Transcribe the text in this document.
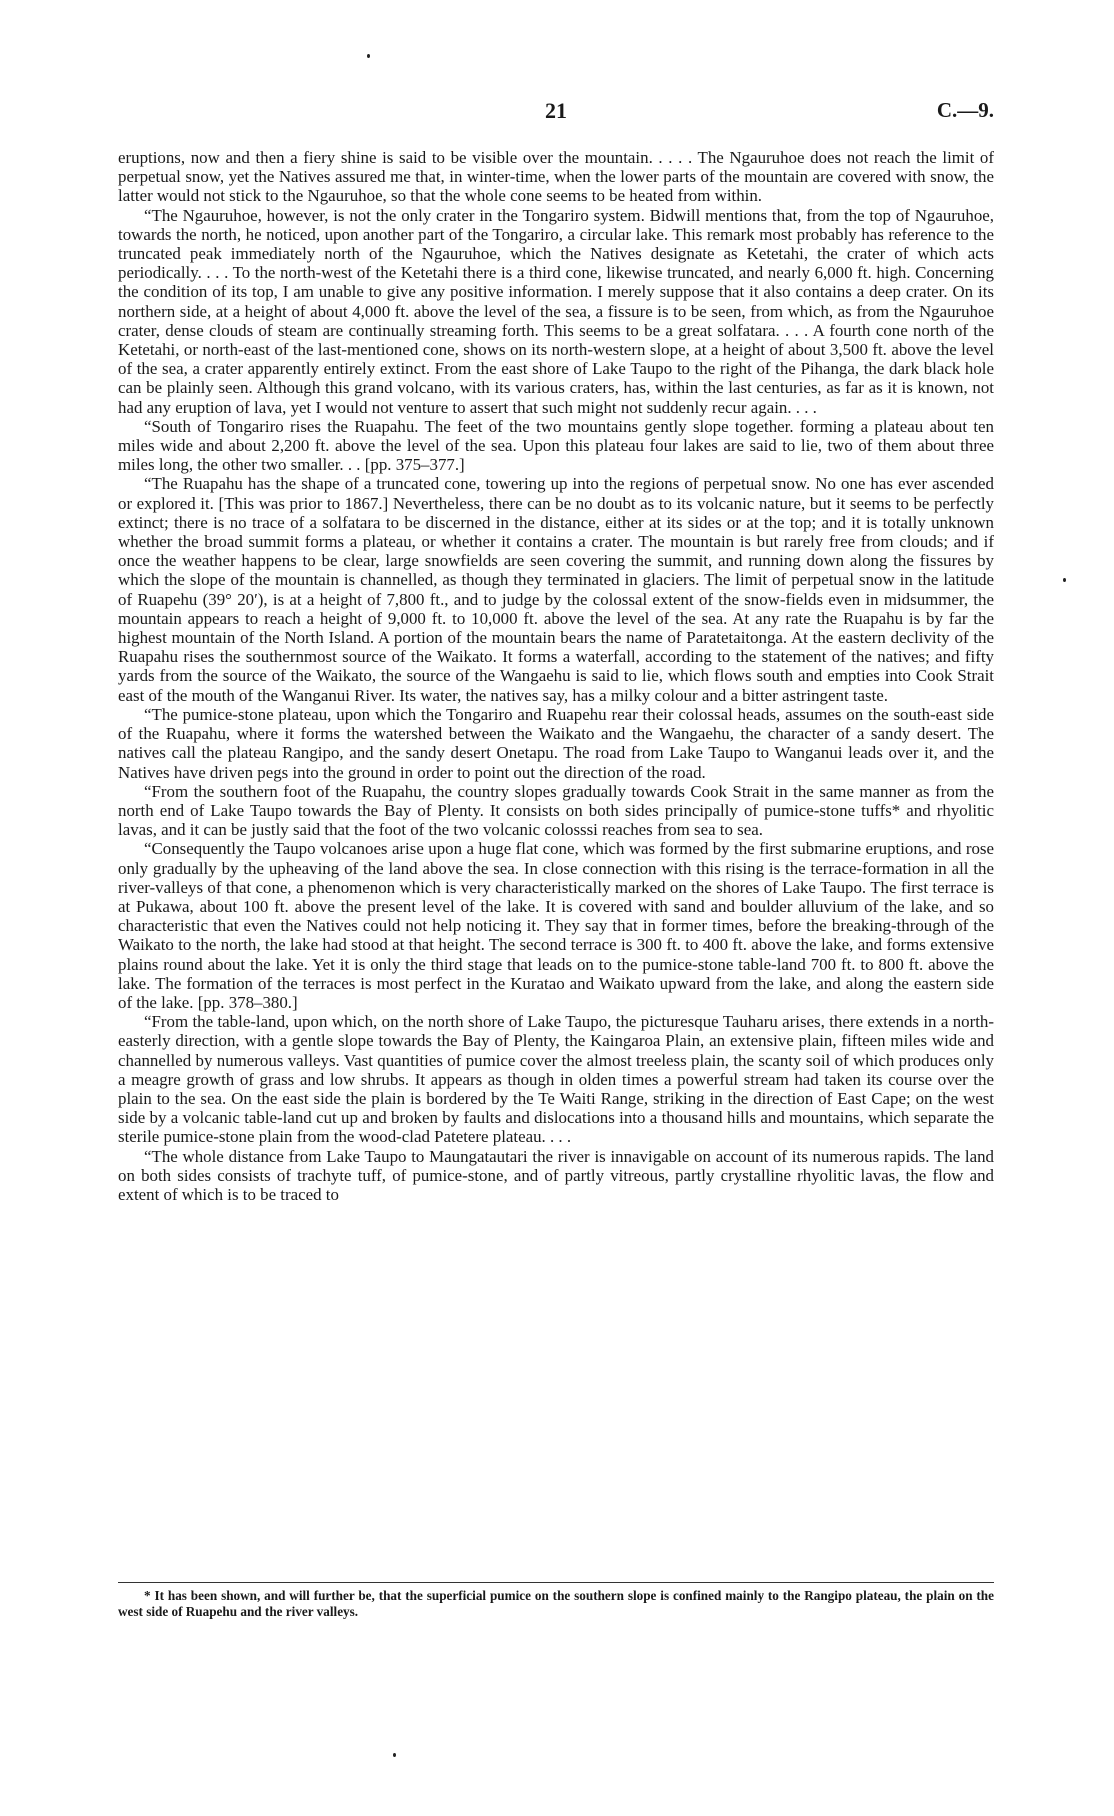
21	C.—9.

eruptions, now and then a fiery shine is said to be visible over the mountain. . . . . The Ngauruhoe does not reach the limit of perpetual snow, yet the Natives assured me that, in winter-time, when the lower parts of the mountain are covered with snow, the latter would not stick to the Ngauruhoe, so that the whole cone seems to be heated from within.

“The Ngauruhoe, however, is not the only crater in the Tongariro system. Bidwill mentions that, from the top of Ngauruhoe, towards the north, he noticed, upon another part of the Tongariro, a circular lake. This remark most probably has reference to the truncated peak immediately north of the Ngauruhoe, which the Natives designate as Ketetahi, the crater of which acts periodically. . . . To the north-west of the Ketetahi there is a third cone, likewise truncated, and nearly 6,000 ft. high. Concerning the condition of its top, I am unable to give any positive information. I merely suppose that it also contains a deep crater. On its northern side, at a height of about 4,000 ft. above the level of the sea, a fissure is to be seen, from which, as from the Ngauruhoe crater, dense clouds of steam are continually streaming forth. This seems to be a great solfatara. . . . A fourth cone north of the Ketetahi, or north-east of the last-mentioned cone, shows on its north-western slope, at a height of about 3,500 ft. above the level of the sea, a crater apparently entirely extinct. From the east shore of Lake Taupo to the right of the Pihanga, the dark black hole can be plainly seen. Although this grand volcano, with its various craters, has, within the last centuries, as far as it is known, not had any eruption of lava, yet I would not venture to assert that such might not suddenly recur again. . . .

“South of Tongariro rises the Ruapahu. The feet of the two mountains gently slope together. forming a plateau about ten miles wide and about 2,200 ft. above the level of the sea. Upon this plateau four lakes are said to lie, two of them about three miles long, the other two smaller. . . [pp. 375–377.]

“The Ruapahu has the shape of a truncated cone, towering up into the regions of perpetual snow. No one has ever ascended or explored it. [This was prior to 1867.] Nevertheless, there can be no doubt as to its volcanic nature, but it seems to be perfectly extinct; there is no trace of a solfatara to be discerned in the distance, either at its sides or at the top; and it is totally unknown whether the broad summit forms a plateau, or whether it contains a crater. The mountain is but rarely free from clouds; and if once the weather happens to be clear, large snowfields are seen covering the summit, and running down along the fissures by which the slope of the mountain is channelled, as though they terminated in glaciers. The limit of perpetual snow in the latitude of Ruapehu (39° 20′), is at a height of 7,800 ft., and to judge by the colossal extent of the snow-fields even in midsummer, the mountain appears to reach a height of 9,000 ft. to 10,000 ft. above the level of the sea. At any rate the Ruapahu is by far the highest mountain of the North Island. A portion of the mountain bears the name of Paratetaitonga. At the eastern declivity of the Ruapahu rises the southernmost source of the Waikato. It forms a waterfall, according to the statement of the natives; and fifty yards from the source of the Waikato, the source of the Wangaehu is said to lie, which flows south and empties into Cook Strait east of the mouth of the Wanganui River. Its water, the natives say, has a milky colour and a bitter astringent taste.

“The pumice-stone plateau, upon which the Tongariro and Ruapehu rear their colossal heads, assumes on the south-east side of the Ruapahu, where it forms the watershed between the Waikato and the Wangaehu, the character of a sandy desert. The natives call the plateau Rangipo, and the sandy desert Onetapu. The road from Lake Taupo to Wanganui leads over it, and the Natives have driven pegs into the ground in order to point out the direction of the road.

“From the southern foot of the Ruapahu, the country slopes gradually towards Cook Strait in the same manner as from the north end of Lake Taupo towards the Bay of Plenty. It consists on both sides principally of pumice-stone tuffs* and rhyolitic lavas, and it can be justly said that the foot of the two volcanic colosssi reaches from sea to sea.

“Consequently the Taupo volcanoes arise upon a huge flat cone, which was formed by the first submarine eruptions, and rose only gradually by the upheaving of the land above the sea. In close connection with this rising is the terrace-formation in all the river-valleys of that cone, a phenomenon which is very characteristically marked on the shores of Lake Taupo. The first terrace is at Pukawa, about 100 ft. above the present level of the lake. It is covered with sand and boulder alluvium of the lake, and so characteristic that even the Natives could not help noticing it. They say that in former times, before the breaking-through of the Waikato to the north, the lake had stood at that height. The second terrace is 300 ft. to 400 ft. above the lake, and forms extensive plains round about the lake. Yet it is only the third stage that leads on to the pumice-stone table-land 700 ft. to 800 ft. above the lake. The formation of the terraces is most perfect in the Kuratao and Waikato upward from the lake, and along the eastern side of the lake. [pp. 378–380.]

“From the table-land, upon which, on the north shore of Lake Taupo, the picturesque Tauharu arises, there extends in a north-easterly direction, with a gentle slope towards the Bay of Plenty, the Kaingaroa Plain, an extensive plain, fifteen miles wide and channelled by numerous valleys. Vast quantities of pumice cover the almost treeless plain, the scanty soil of which produces only a meagre growth of grass and low shrubs. It appears as though in olden times a powerful stream had taken its course over the plain to the sea. On the east side the plain is bordered by the Te Waiti Range, striking in the direction of East Cape; on the west side by a volcanic table-land cut up and broken by faults and dislocations into a thousand hills and mountains, which separate the sterile pumice-stone plain from the wood-clad Patetere plateau. . . .

“The whole distance from Lake Taupo to Maungatautari the river is innavigable on account of its numerous rapids. The land on both sides consists of trachyte tuff, of pumice-stone, and of partly vitreous, partly crystalline rhyolitic lavas, the flow and extent of which is to be traced to

* It has been shown, and will further be, that the superficial pumice on the southern slope is confined mainly to the Rangipo plateau, the plain on the west side of Ruapehu and the river valleys.
